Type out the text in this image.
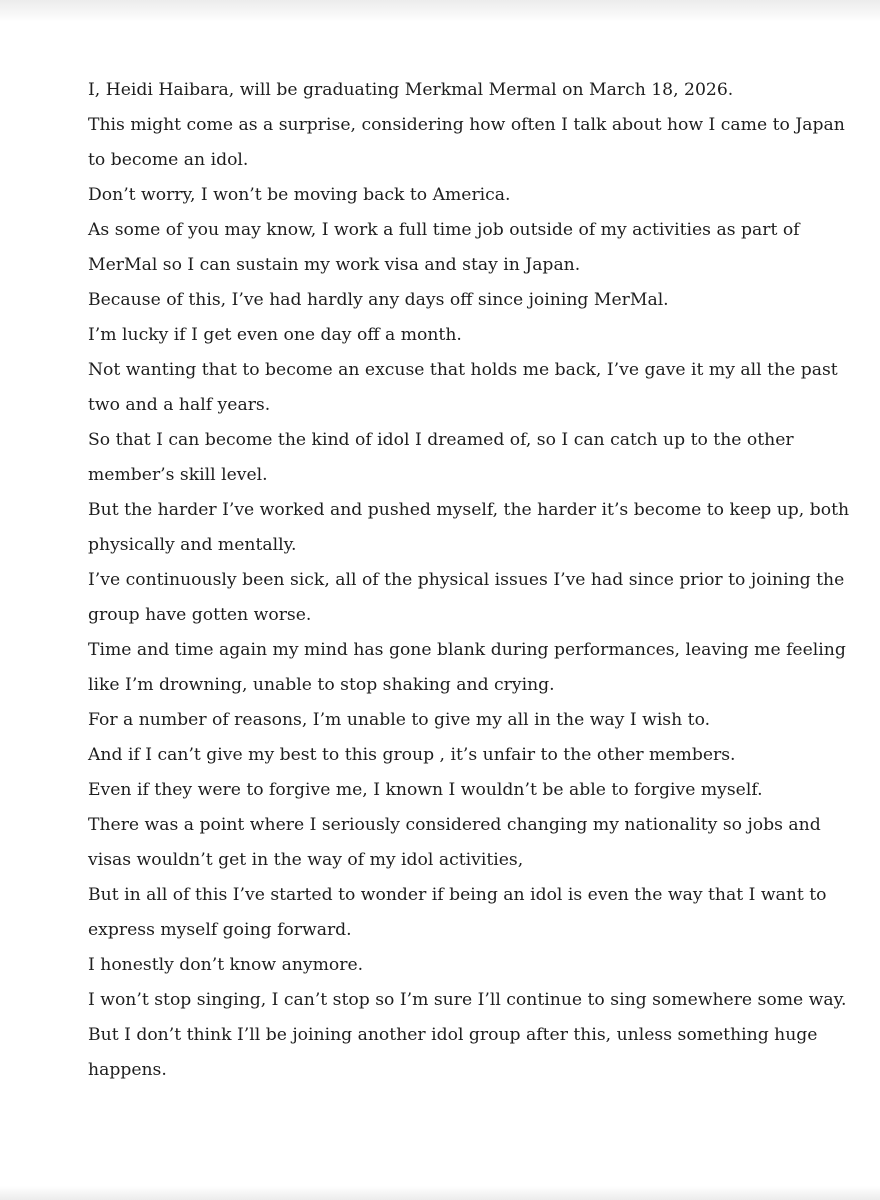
I, Heidi Haibara, will be graduating Merkmal Mermal on March 18, 2026.
This might come as a surprise, considering how often I talk about how I came to Japan
to become an idol.
Don’t worry, I won’t be moving back to America.
As some of you may know, I work a full time job outside of my activities as part of
MerMal so I can sustain my work visa and stay in Japan.
Because of this, I’ve had hardly any days off since joining MerMal.
I’m lucky if I get even one day off a month.
Not wanting that to become an excuse that holds me back, I’ve gave it my all the past
two and a half years.
So that I can become the kind of idol I dreamed of, so I can catch up to the other
member’s skill level.
But the harder I’ve worked and pushed myself, the harder it’s become to keep up, both
physically and mentally.
I’ve continuously been sick, all of the physical issues I’ve had since prior to joining the
group have gotten worse.
Time and time again my mind has gone blank during performances, leaving me feeling
like I’m drowning, unable to stop shaking and crying.
For a number of reasons, I’m unable to give my all in the way I wish to.
And if I can’t give my best to this group , it’s unfair to the other members.
Even if they were to forgive me, I known I wouldn’t be able to forgive myself.
There was a point where I seriously considered changing my nationality so jobs and
visas wouldn’t get in the way of my idol activities,
But in all of this I’ve started to wonder if being an idol is even the way that I want to
express myself going forward.
I honestly don’t know anymore.
I won’t stop singing, I can’t stop so I’m sure I’ll continue to sing somewhere some way.
But I don’t think I’ll be joining another idol group after this, unless something huge
happens.
